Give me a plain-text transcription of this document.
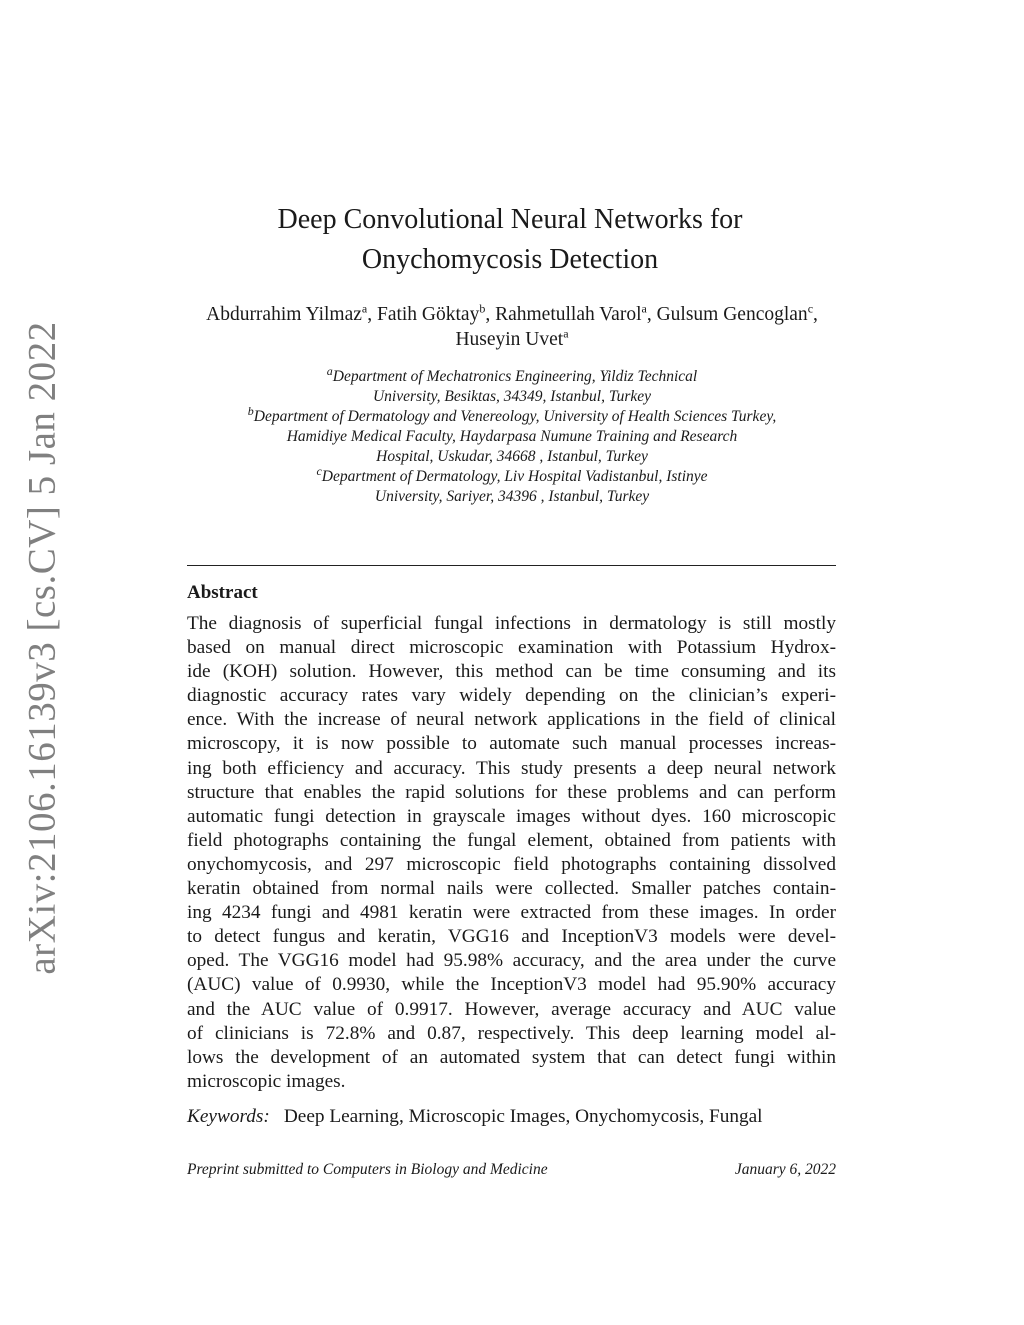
arXiv:2106.16139v3 [cs.CV] 5 Jan 2022
Deep Convolutional Neural Networks for
Onychomycosis Detection
Abdurrahim Yilmaz$^a$, Fatih Göktay$^b$, Rahmetullah Varol$^a$, Gulsum Gencoglan$^c$, Huseyin Uvet$^a$
$^a$Department of Mechatronics Engineering, Yildiz Technical
University, Besiktas, 34349, Istanbul, Turkey
$^b$Department of Dermatology and Venereology, University of Health Sciences Turkey,
Hamidiye Medical Faculty, Haydarpasa Numune Training and Research
Hospital, Uskudar, 34668 , Istanbul, Turkey
$^c$Department of Dermatology, Liv Hospital Vadistanbul, Istinye
University, Sariyer, 34396 , Istanbul, Turkey
Abstract
The diagnosis of superficial fungal infections in dermatology is still mostly
based on manual direct microscopic examination with Potassium Hydrox-
ide (KOH) solution. However, this method can be time consuming and its
diagnostic accuracy rates vary widely depending on the clinician’s experi-
ence. With the increase of neural network applications in the field of clinical
microscopy, it is now possible to automate such manual processes increas-
ing both efficiency and accuracy. This study presents a deep neural network
structure that enables the rapid solutions for these problems and can perform
automatic fungi detection in grayscale images without dyes. 160 microscopic
field photographs containing the fungal element, obtained from patients with
onychomycosis, and 297 microscopic field photographs containing dissolved
keratin obtained from normal nails were collected. Smaller patches contain-
ing 4234 fungi and 4981 keratin were extracted from these images. In order
to detect fungus and keratin, VGG16 and InceptionV3 models were devel-
oped. The VGG16 model had 95.98% accuracy, and the area under the curve
(AUC) value of 0.9930, while the InceptionV3 model had 95.90% accuracy
and the AUC value of 0.9917. However, average accuracy and AUC value
of clinicians is 72.8% and 0.87, respectively. This deep learning model al-
lows the development of an automated system that can detect fungi within
microscopic images.
Keywords: Deep Learning, Microscopic Images, Onychomycosis, Fungal
Preprint submitted to Computers in Biology and Medicine	January 6, 2022
